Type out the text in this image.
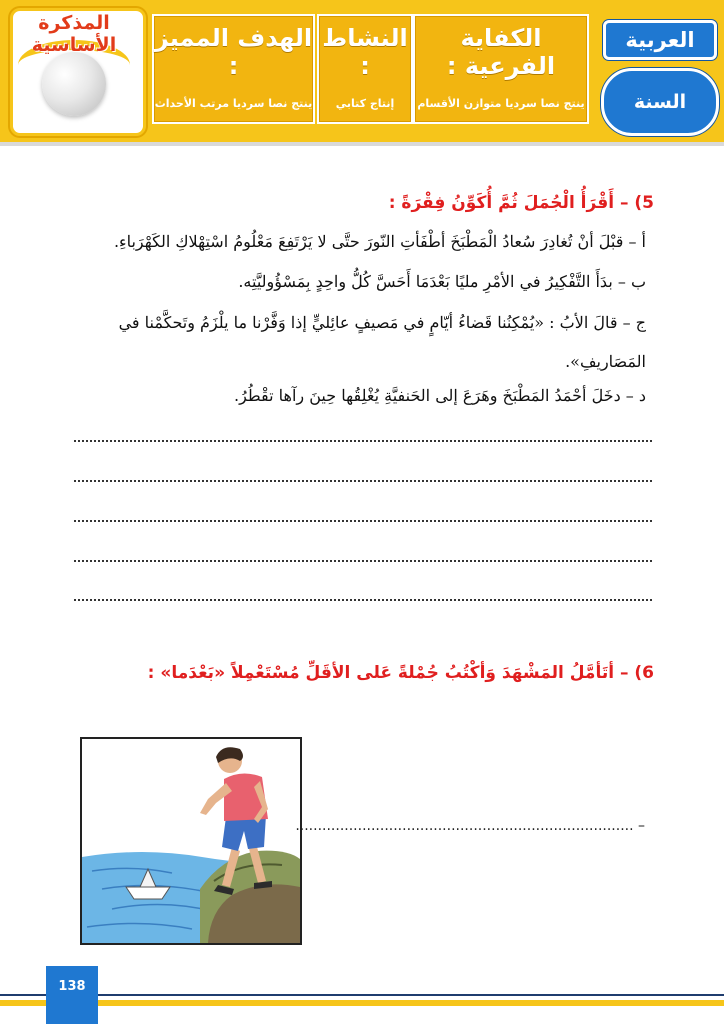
المذكرة الأساسية	الهدف المميز :
ينتج نصا سرديا مرتب الأحداث
النشاط :
إنتاج كتابي
الكفاية الفرعية :
ينتج نصا سرديا متوازن الأقسام
العربية
السنة الثالثة
5) – أَقْرَأُ الْجُمَلَ ثُمَّ أُكَوِّنُ فِقْرَةً :
أ – قبْلَ أنْ تُغادِرَ سُعادُ الْمَطْبَخَ أطْفَأتِ النّورَ حتَّى لا يَرْتَفِعَ مَعْلُومُ اسْتِهْلاكِ الكَهْرَباءِ.
ب – بدَأَ التَّفْكِيرُ في الأمْرِ مليًا بَعْدَمَا أَحَسَّ كُلُّ واحِدٍ بِمَسْؤُوليَّتِه.
ج – قالَ الأبُ : «يُمْكِنُنا قَضاءُ أيّامٍ في مَصيفٍ عائِليٍّ إذا وَفَّرْنا ما يلْزَمُ وتَحكَّمْنا في
المَصَاريفِ».
د – دخَلَ أحْمَدُ المَطْبَخَ وهَرَعَ إلى الحَنفيَّةِ يُغْلِقُها حِينَ رآها تقْطُرُ.
6) – أتَأمَّلُ المَشْهَدَ وَأكْتُبُ جُمْلةً عَلى الأقَلِّ مُسْتَعْمِلاً «بَعْدَما» :
– ............................................................................
138
